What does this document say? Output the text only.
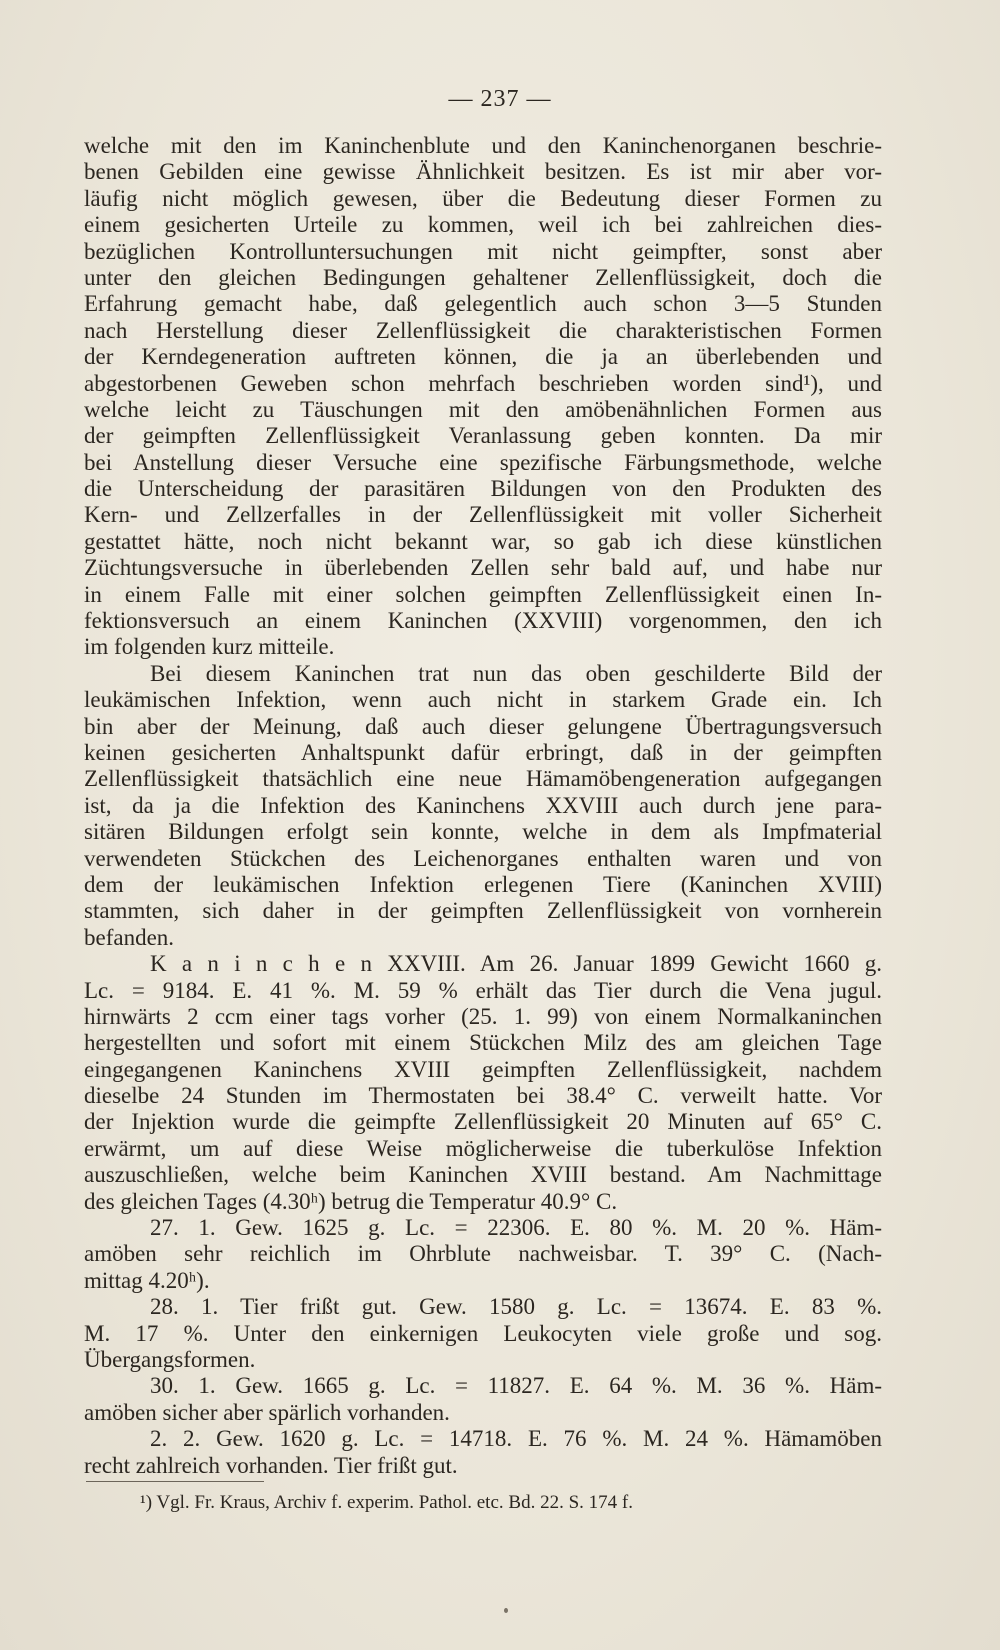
— 237 —
welche mit den im Kaninchenblute und den Kaninchenorganen beschrie-
benen Gebilden eine gewisse Ähnlichkeit besitzen. Es ist mir aber vor-
läufig nicht möglich gewesen, über die Bedeutung dieser Formen zu
einem gesicherten Urteile zu kommen, weil ich bei zahlreichen dies-
bezüglichen Kontrolluntersuchungen mit nicht geimpfter, sonst aber
unter den gleichen Bedingungen gehaltener Zellenflüssigkeit, doch die
Erfahrung gemacht habe, daß gelegentlich auch schon 3—5 Stunden
nach Herstellung dieser Zellenflüssigkeit die charakteristischen Formen
der Kerndegeneration auftreten können, die ja an überlebenden und
abgestorbenen Geweben schon mehrfach beschrieben worden sind¹), und
welche leicht zu Täuschungen mit den amöbenähnlichen Formen aus
der geimpften Zellenflüssigkeit Veranlassung geben konnten. Da mir
bei Anstellung dieser Versuche eine spezifische Färbungsmethode, welche
die Unterscheidung der parasitären Bildungen von den Produkten des
Kern- und Zellzerfalles in der Zellenflüssigkeit mit voller Sicherheit
gestattet hätte, noch nicht bekannt war, so gab ich diese künstlichen
Züchtungsversuche in überlebenden Zellen sehr bald auf, und habe nur
in einem Falle mit einer solchen geimpften Zellenflüssigkeit einen In-
fektionsversuch an einem Kaninchen (XXVIII) vorgenommen, den ich
im folgenden kurz mitteile.
Bei diesem Kaninchen trat nun das oben geschilderte Bild der
leukämischen Infektion, wenn auch nicht in starkem Grade ein. Ich
bin aber der Meinung, daß auch dieser gelungene Übertragungsversuch
keinen gesicherten Anhaltspunkt dafür erbringt, daß in der geimpften
Zellenflüssigkeit thatsächlich eine neue Hämamöbengeneration aufgegangen
ist, da ja die Infektion des Kaninchens XXVIII auch durch jene para-
sitären Bildungen erfolgt sein konnte, welche in dem als Impfmaterial
verwendeten Stückchen des Leichenorganes enthalten waren und von
dem der leukämischen Infektion erlegenen Tiere (Kaninchen XVIII)
stammten, sich daher in der geimpften Zellenflüssigkeit von vornherein
befanden.
K a n i n c h e n XXVIII. Am 26. Januar 1899 Gewicht 1660 g.
Lc. = 9184. E. 41 %. M. 59 % erhält das Tier durch die Vena jugul.
hirnwärts 2 ccm einer tags vorher (25. 1. 99) von einem Normalkaninchen
hergestellten und sofort mit einem Stückchen Milz des am gleichen Tage
eingegangenen Kaninchens XVIII geimpften Zellenflüssigkeit, nachdem
dieselbe 24 Stunden im Thermostaten bei 38.4° C. verweilt hatte. Vor
der Injektion wurde die geimpfte Zellenflüssigkeit 20 Minuten auf 65° C.
erwärmt, um auf diese Weise möglicherweise die tuberkulöse Infektion
auszuschließen, welche beim Kaninchen XVIII bestand. Am Nachmittage
des gleichen Tages (4.30ʰ) betrug die Temperatur 40.9° C.
27. 1. Gew. 1625 g. Lc. = 22306. E. 80 %. M. 20 %. Häm-
amöben sehr reichlich im Ohrblute nachweisbar. T. 39° C. (Nach-
mittag 4.20ʰ).
28. 1. Tier frißt gut. Gew. 1580 g. Lc. = 13674. E. 83 %.
M. 17 %. Unter den einkernigen Leukocyten viele große und sog.
Übergangsformen.
30. 1. Gew. 1665 g. Lc. = 11827. E. 64 %. M. 36 %. Häm-
amöben sicher aber spärlich vorhanden.
2. 2. Gew. 1620 g. Lc. = 14718. E. 76 %. M. 24 %. Hämamöben
recht zahlreich vorhanden. Tier frißt gut.
¹) Vgl. Fr. Kraus, Archiv f. experim. Pathol. etc. Bd. 22. S. 174 f.
